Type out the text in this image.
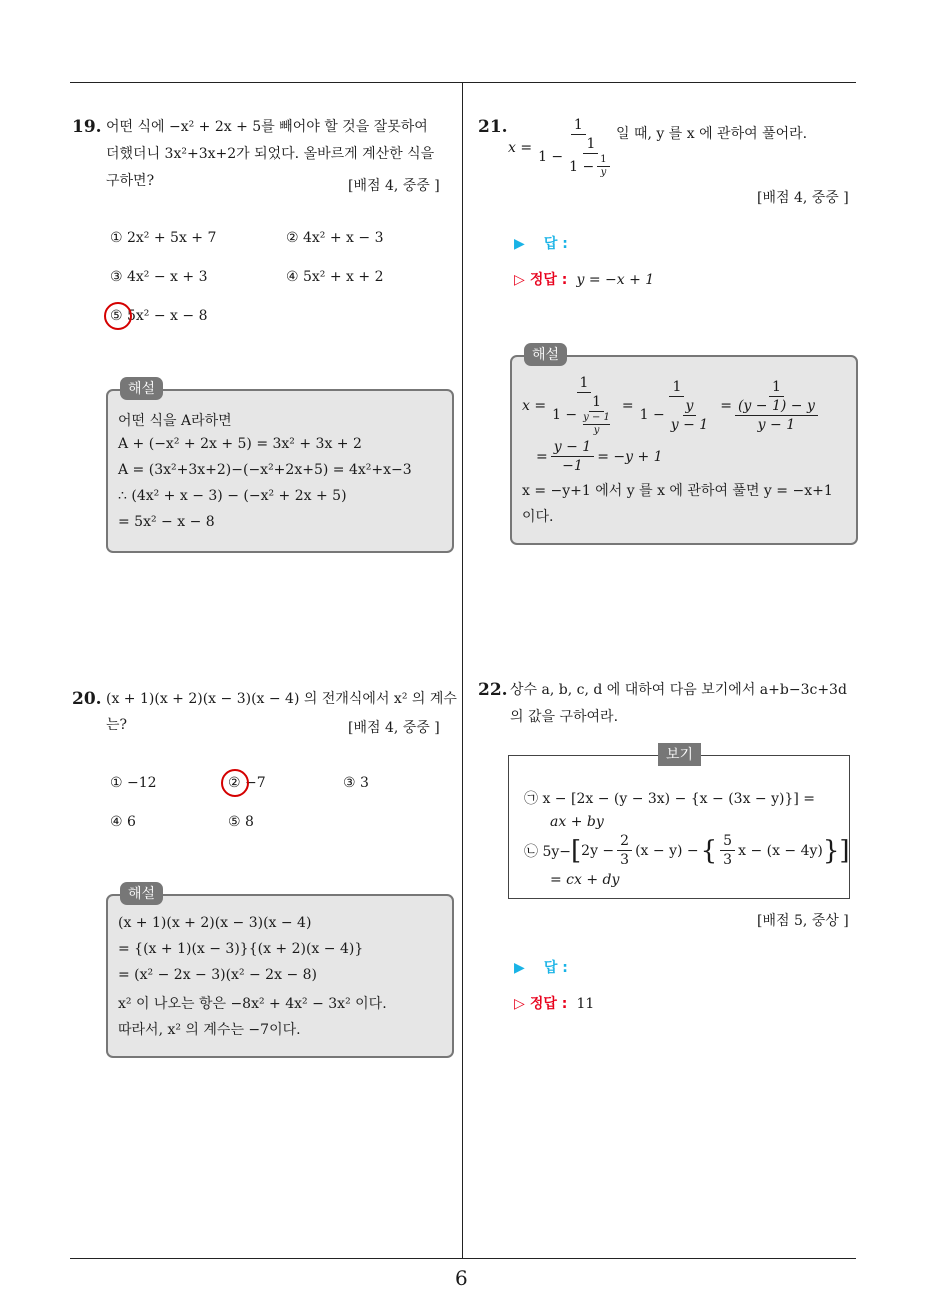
6
19. 어떤 식에 −x² + 2x + 5를 빼어야 할 것을 잘못하여
더했더니 3x²+3x+2가 되었다. 올바르게 계산한 식을
구하면?	[배점 4, 중중 ]
① 2x² + 5x + 7	② 4x² + x − 3
③ 4x² − x + 3	④ 5x² + x + 2
⑤ 5x² − x − 8
해설
어떤 식을 A라하면
A + (−x² + 2x + 5) = 3x² + 3x + 2
A = (3x²+3x+2)−(−x²+2x+5) = 4x²+x−3
∴ (4x² + x − 3) − (−x² + 2x + 5)
= 5x² − x − 8
20. (x + 1)(x + 2)(x − 3)(x − 4) 의 전개식에서 x² 의 계수
는?	[배점 4, 중중 ]
① −12	② −7	③ 3
④ 6	⑤ 8
해설
(x + 1)(x + 2)(x − 3)(x − 4)
= {(x + 1)(x − 3)}{(x + 2)(x − 4)}
= (x² − 2x − 3)(x² − 2x − 8)
x² 이 나오는 항은 −8x² + 4x² − 3x² 이다.
따라서, x² 의 계수는 −7이다.
21.
x =
1
$1 - \frac{1}{1 - \frac{1}{y}}$
일 때, y 를 x 에 관하여 풀어라.
[배점 4, 중중 ]
▶ 답 :
▷ 정답 : y = −x + 1
해설
x =
1
1 − 1
y − 1
$y = \frac{1}{1 - \frac{y}{y - 1}}$ =
1
(y − 1) − y
y − 1
= $\frac{y - 1}{-1} = -y + 1$
x = −y+1 에서 y 를 x 에 관하여 풀면 y = −x+1
이다.
22. 상수 a, b, c, d 에 대하여 다음 보기에서 a+b−3c+3d
의 값을 구하여라.
보기
㉠ x − [2x − (y − 3x) − {x − (3x − y)}] =
ax + by
㉡ 5y− [ $2y - \frac{2}{3} (x - y)$ − { $\frac{5}{3}$ x − (x − 4y) }]
= cx + dy
[배점 5, 중상 ]
▶ 답 :
▷ 정답 : 11
